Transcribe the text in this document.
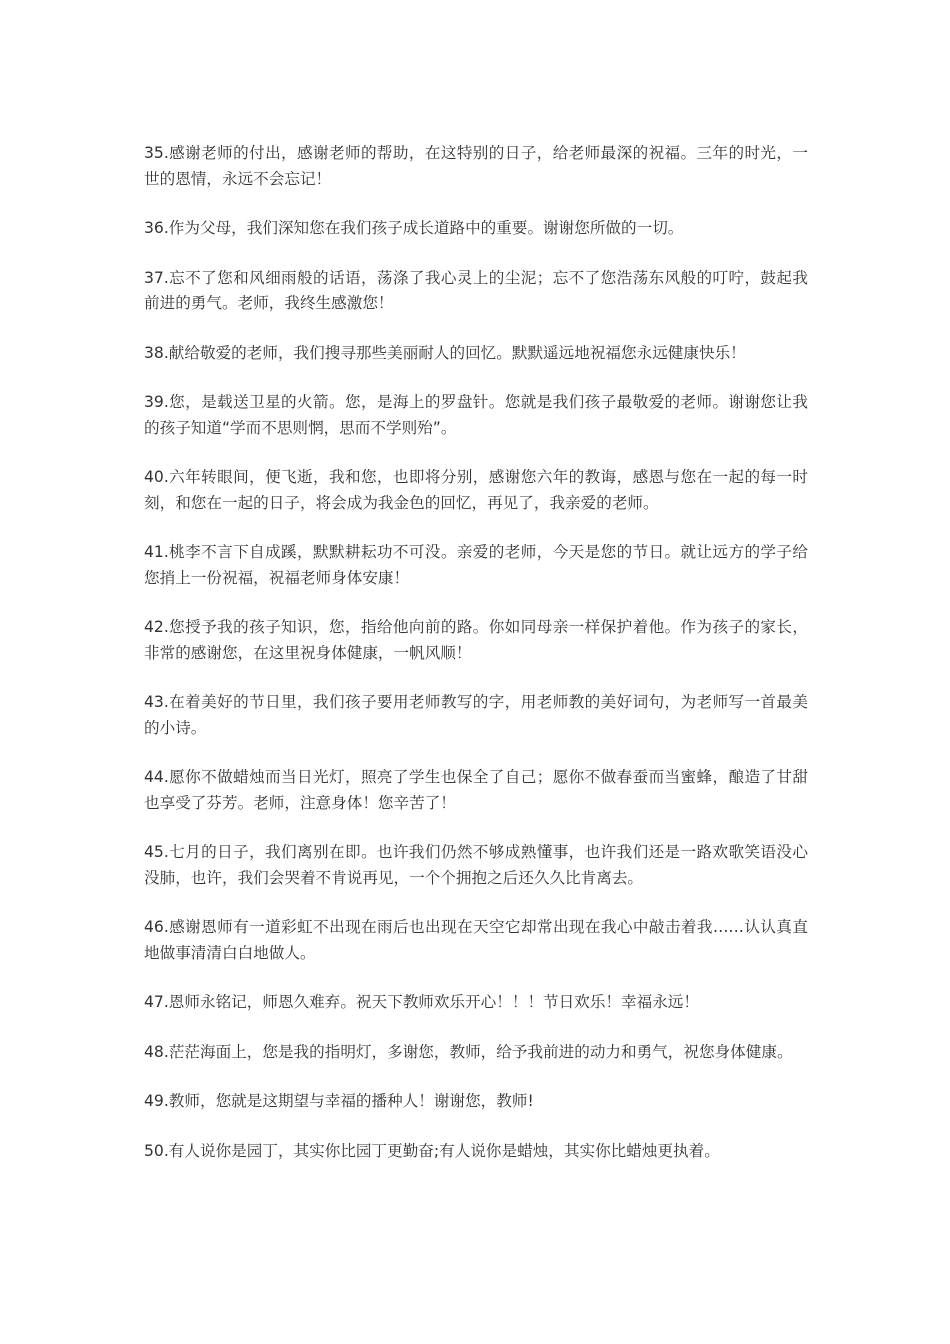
35.感谢老师的付出，感谢老师的帮助，在这特别的日子，给老师最深的祝福。三年的时光，一世的恩情，永远不会忘记！

36.作为父母，我们深知您在我们孩子成长道路中的重要。谢谢您所做的一切。

37.忘不了您和风细雨般的话语，荡涤了我心灵上的尘泥；忘不了您浩荡东风般的叮咛，鼓起我前进的勇气。老师，我终生感激您！

38.献给敬爱的老师，我们搜寻那些美丽耐人的回忆。默默遥远地祝福您永远健康快乐！

39.您，是载送卫星的火箭。您，是海上的罗盘针。您就是我们孩子最敬爱的老师。谢谢您让我的孩子知道“学而不思则惘，思而不学则殆”。

40.六年转眼间，便飞逝，我和您，也即将分别，感谢您六年的教诲，感恩与您在一起的每一时刻，和您在一起的日子，将会成为我金色的回忆，再见了，我亲爱的老师。

41.桃李不言下自成蹊，默默耕耘功不可没。亲爱的老师，今天是您的节日。就让远方的学子给您捎上一份祝福，祝福老师身体安康！

42.您授予我的孩子知识，您，指给他向前的路。你如同母亲一样保护着他。作为孩子的家长，非常的感谢您，在这里祝身体健康，一帆风顺！

43.在着美好的节日里，我们孩子要用老师教写的字，用老师教的美好词句，为老师写一首最美的小诗。

44.愿你不做蜡烛而当日光灯，照亮了学生也保全了自己；愿你不做春蚕而当蜜蜂，酿造了甘甜也享受了芬芳。老师，注意身体！您辛苦了！

45.七月的日子，我们离别在即。也许我们仍然不够成熟懂事，也许我们还是一路欢歌笑语没心没肺，也许，我们会哭着不肯说再见，一个个拥抱之后还久久比肯离去。

46.感谢恩师有一道彩虹不出现在雨后也出现在天空它却常出现在我心中敲击着我……认认真直地做事清清白白地做人。

47.恩师永铭记，师恩久难弃。祝天下教师欢乐开心！！！节日欢乐！幸福永远！

48.茫茫海面上，您是我的指明灯，多谢您，教师，给予我前进的动力和勇气，祝您身体健康。

49.教师，您就是这期望与幸福的播种人！谢谢您，教师!

50.有人说你是园丁，其实你比园丁更勤奋;有人说你是蜡烛，其实你比蜡烛更执着。
